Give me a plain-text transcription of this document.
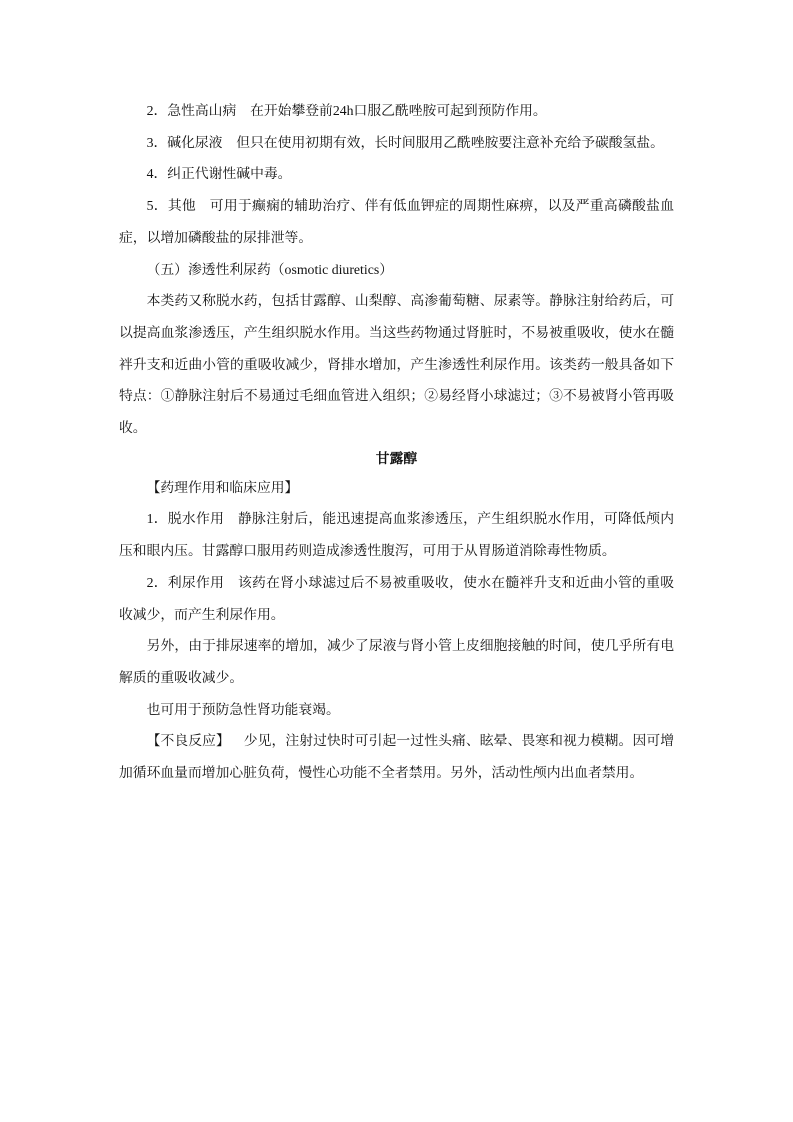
2．急性高山病 在开始攀登前24h口服乙酰唑胺可起到预防作用。

3．碱化尿液 但只在使用初期有效，长时间服用乙酰唑胺要注意补充给予碳酸氢盐。

4．纠正代谢性碱中毒。

5．其他 可用于癫痫的辅助治疗、伴有低血钾症的周期性麻痹，以及严重高磷酸盐血症，以增加磷酸盐的尿排泄等。

（五）渗透性利尿药（osmotic diuretics）

本类药又称脱水药，包括甘露醇、山梨醇、高渗葡萄糖、尿素等。静脉注射给药后，可以提高血浆渗透压，产生组织脱水作用。当这些药物通过肾脏时，不易被重吸收，使水在髓袢升支和近曲小管的重吸收减少，肾排水增加，产生渗透性利尿作用。该类药一般具备如下特点：①静脉注射后不易通过毛细血管进入组织；②易经肾小球滤过；③不易被肾小管再吸收。

甘露醇

【药理作用和临床应用】

1．脱水作用 静脉注射后，能迅速提高血浆渗透压，产生组织脱水作用，可降低颅内压和眼内压。甘露醇口服用药则造成渗透性腹泻，可用于从胃肠道消除毒性物质。

2．利尿作用 该药在肾小球滤过后不易被重吸收，使水在髓袢升支和近曲小管的重吸收减少，而产生利尿作用。

另外，由于排尿速率的增加，减少了尿液与肾小管上皮细胞接触的时间，使几乎所有电解质的重吸收减少。

也可用于预防急性肾功能衰竭。

【不良反应】 少见，注射过快时可引起一过性头痛、眩晕、畏寒和视力模糊。因可增加循环血量而增加心脏负荷，慢性心功能不全者禁用。另外，活动性颅内出血者禁用。
